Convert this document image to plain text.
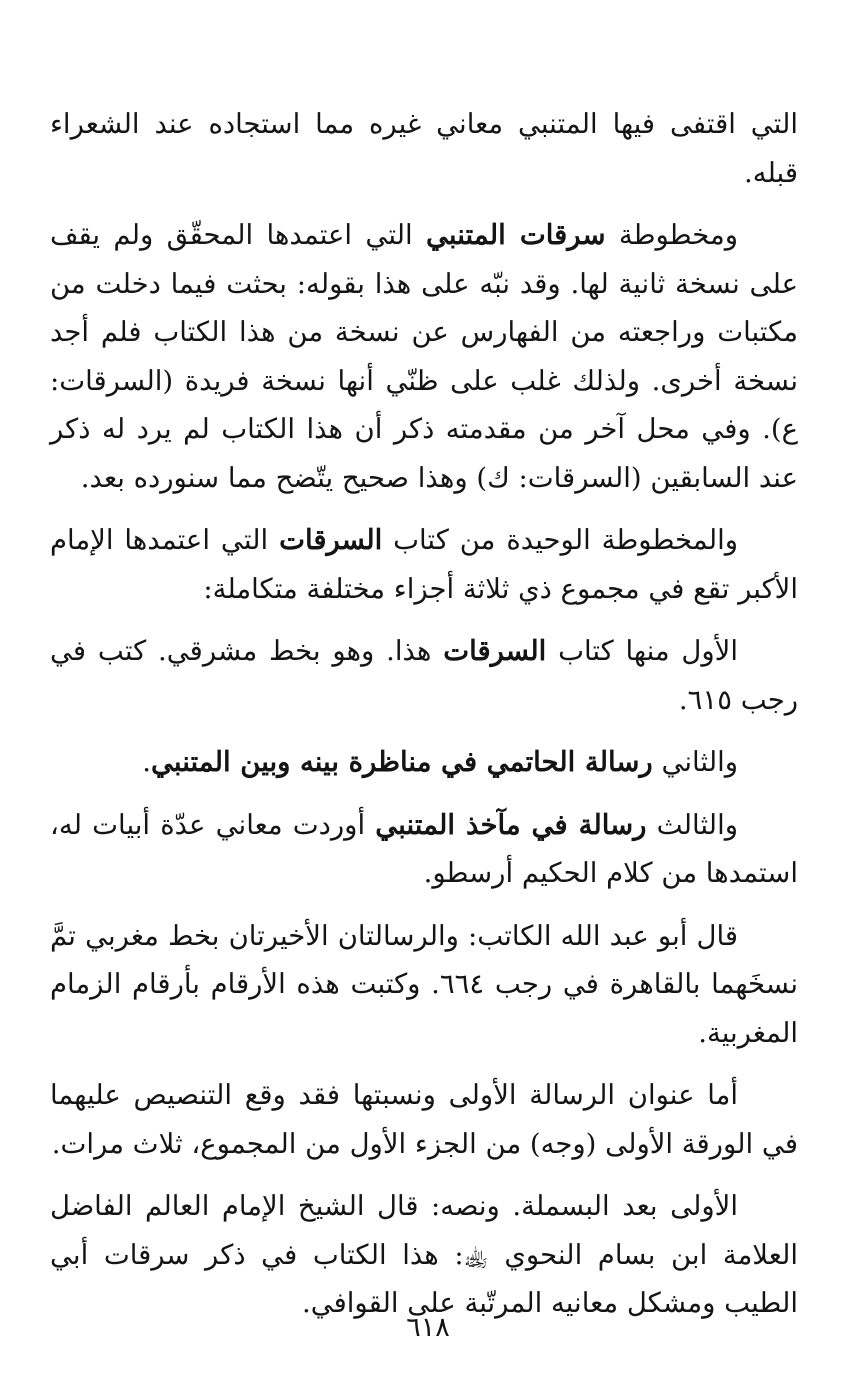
التي اقتفى فيها المتنبي معاني غيره مما استجاده عند الشعراء قبله.

ومخطوطة سرقات المتنبي التي اعتمدها المحقّق ولم يقف على نسخة ثانية لها. وقد نبّه على هذا بقوله: بحثت فيما دخلت من مكتبات وراجعته من الفهارس عن نسخة من هذا الكتاب فلم أجد نسخة أخرى. ولذلك غلب على ظنّي أنها نسخة فريدة (السرقات: ع). وفي محل آخر من مقدمته ذكر أن هذا الكتاب لم يرد له ذكر عند السابقين (السرقات: ك) وهذا صحيح يتّضح مما سنورده بعد.

والمخطوطة الوحيدة من كتاب السرقات التي اعتمدها الإمام الأكبر تقع في مجموع ذي ثلاثة أجزاء مختلفة متكاملة:

الأول منها كتاب السرقات هذا. وهو بخط مشرقي. كتب في رجب ٦١٥.

والثاني رسالة الحاتمي في مناظرة بينه وبين المتنبي.

والثالث رسالة في مآخذ المتنبي أوردت معاني عدّة أبيات له، استمدها من كلام الحكيم أرسطو.

قال أبو عبد الله الكاتب: والرسالتان الأخيرتان بخط مغربي تمَّ نسخَهما بالقاهرة في رجب ٦٦٤. وكتبت هذه الأرقام بأرقام الزمام المغربية.

أما عنوان الرسالة الأولى ونسبتها فقد وقع التنصيص عليهما في الورقة الأولى (وجه) من الجزء الأول من المجموع، ثلاث مرات.

الأولى بعد البسملة. ونصه: قال الشيخ الإمام العالم الفاضل العلامة ابن بسام النحوي ﵀: هذا الكتاب في ذكر سرقات أبي الطيب ومشكل معانيه المرتّبة على القوافي.

٦١٨
